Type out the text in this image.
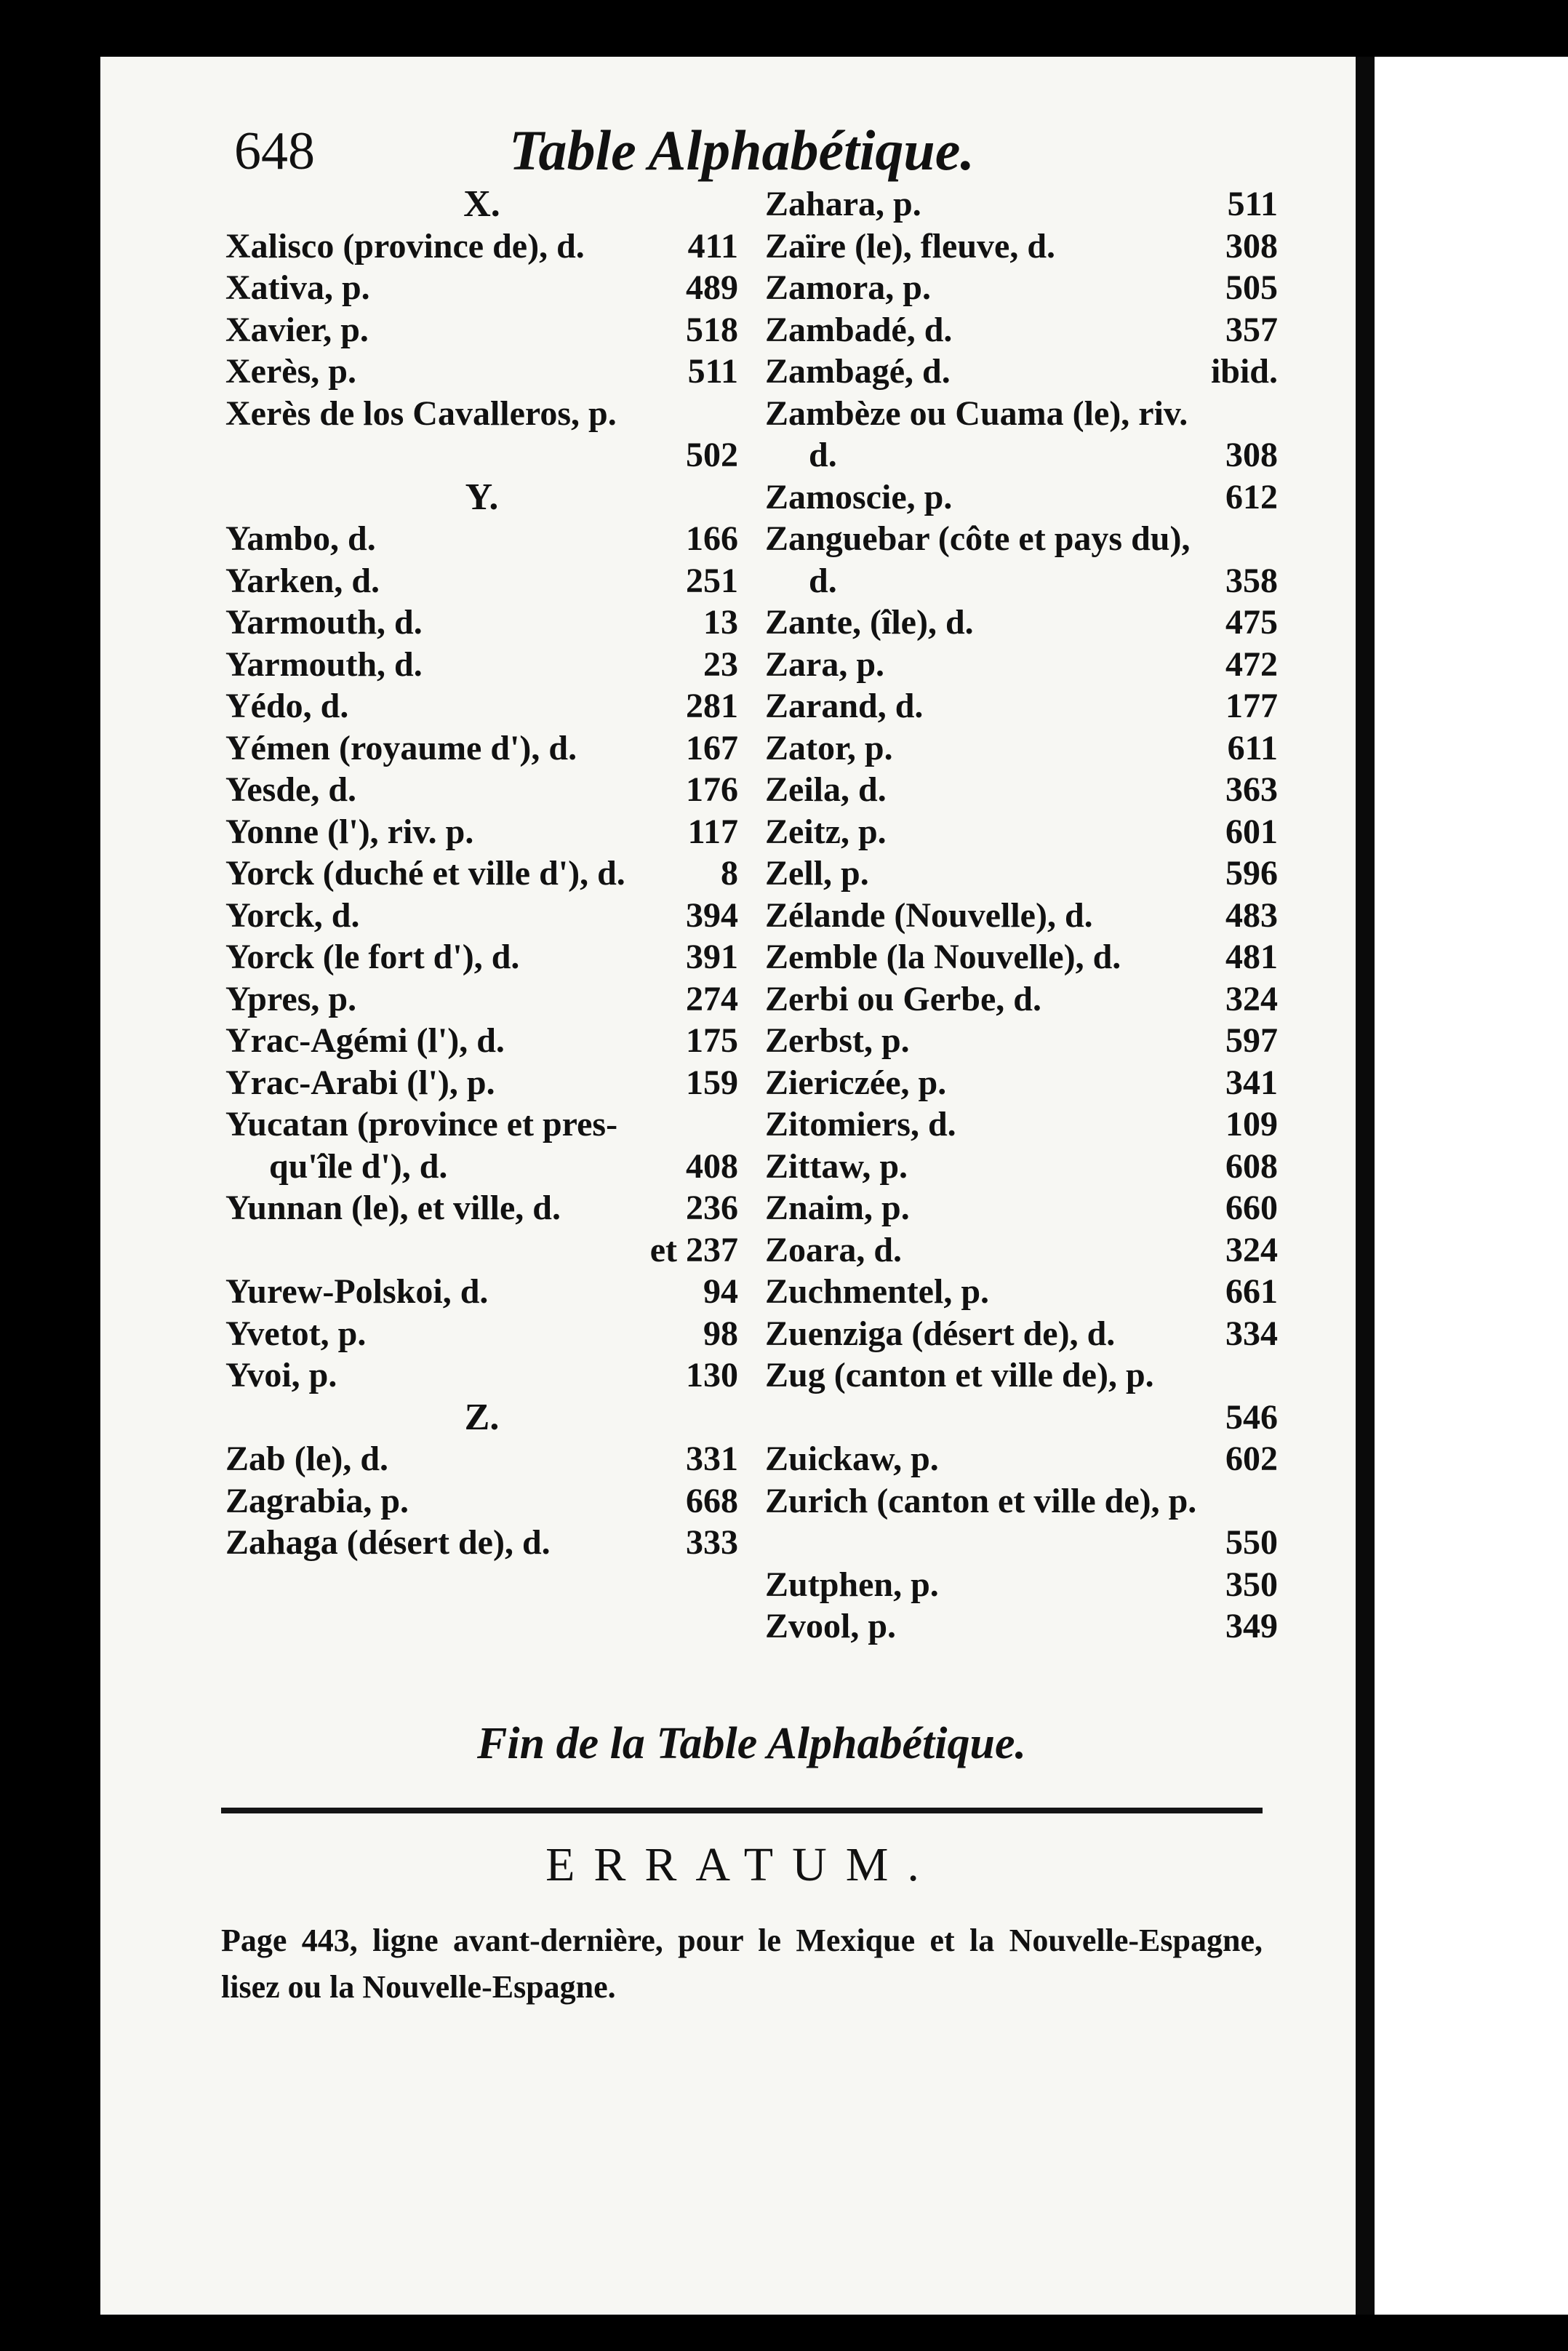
648	Table Alphabétique.
X.
Xalisco (province de), d.	411
Xativa, p.	489
Xavier, p.	518
Xerès, p.	511
Xerès de los Cavalleros, p.
502
Y.
Yambo, d.	166
Yarken, d.	251
Yarmouth, d.	13
Yarmouth, d.	23
Yédo, d.	281
Yémen (royaume d'), d.	167
Yesde, d.	176
Yonne (l'), riv. p.	117
Yorck (duché et ville d'), d.	8
Yorck, d.	394
Yorck (le fort d'), d.	391
Ypres, p.	274
Yrac-Agémi (l'), d.	175
Yrac-Arabi (l'), p.	159
Yucatan (province et pres-
qu'île d'), d.	408
Yunnan (le), et ville, d.	236
et 237
Yurew-Polskoi, d.	94
Yvetot, p.	98
Yvoi, p.	130
Z.
Zab (le), d.	331
Zagrabia, p.	668
Zahaga (désert de), d.	333
Zahara, p.	511
Zaïre (le), fleuve, d.	308
Zamora, p.	505
Zambadé, d.	357
Zambagé, d.	ibid.
Zambèze ou Cuama (le), riv.
d.	308
Zamoscie, p.	612
Zanguebar (côte et pays du),
d.	358
Zante, (île), d.	475
Zara, p.	472
Zarand, d.	177
Zator, p.	611
Zeila, d.	363
Zeitz, p.	601
Zell, p.	596
Zélande (Nouvelle), d.	483
Zemble (la Nouvelle), d.	481
Zerbi ou Gerbe, d.	324
Zerbst, p.	597
Ziericzée, p.	341
Zitomiers, d.	109
Zittaw, p.	608
Znaim, p.	660
Zoara, d.	324
Zuchmentel, p.	661
Zuenziga (désert de), d.	334
Zug (canton et ville de), p.
546
Zuickaw, p.	602
Zurich (canton et ville de), p.
550
Zutphen, p.	350
Zvool, p.	349
Fin de la Table Alphabétique.
ERRATUM.
Page 443, ligne avant-dernière, pour le Mexique et la Nouvelle-Espagne, lisez ou la Nouvelle-Espagne.
